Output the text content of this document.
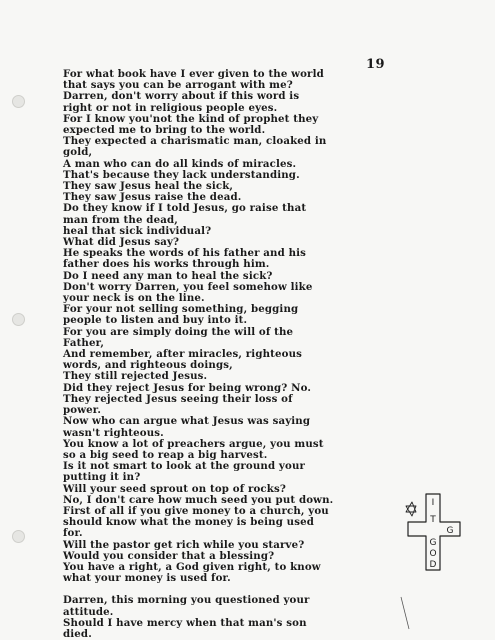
19
For what book have I ever given to the world
that says you can be arrogant with me?
Darren, don't worry about if this word is
right or not in religious people eyes.
For I know you'not the kind of prophet they
expected me to bring to the world.
They expected a charismatic man, cloaked in
gold,
A man who can do all kinds of miracles.
That's because they lack understanding.
They saw Jesus heal the sick,
They saw Jesus raise the dead.
Do they know if I told Jesus, go raise that
man from the dead,
heal that sick individual?
What did Jesus say?
He speaks the words of his father and his
father does his works through him.
Do I need any man to heal the sick?
Don't worry Darren, you feel somehow like
your neck is on the line.
For your not selling something, begging
people to listen and buy into it.
For you are simply doing the will of the
Father,
And remember, after miracles, righteous
words, and righteous doings,
They still rejected Jesus.
Did they reject Jesus for being wrong? No.
They rejected Jesus seeing their loss of
power.
Now who can argue what Jesus was saying
wasn't righteous.
You know a lot of preachers argue, you must
so a big seed to reap a big harvest.
Is it not smart to look at the ground your
putting it in?
Will your seed sprout on top of rocks?
No, I don't care how much seed you put down.
First of all if you give money to a church, you
should know what the money is being used
for.
Will the pastor get rich while you starve?
Would you consider that a blessing?
You have a right, a God given right, to know
what your money is used for.
Darren, this morning you questioned your
attitude.
Should I have mercy when that man's son
died.
I
T
G
G
O
D
